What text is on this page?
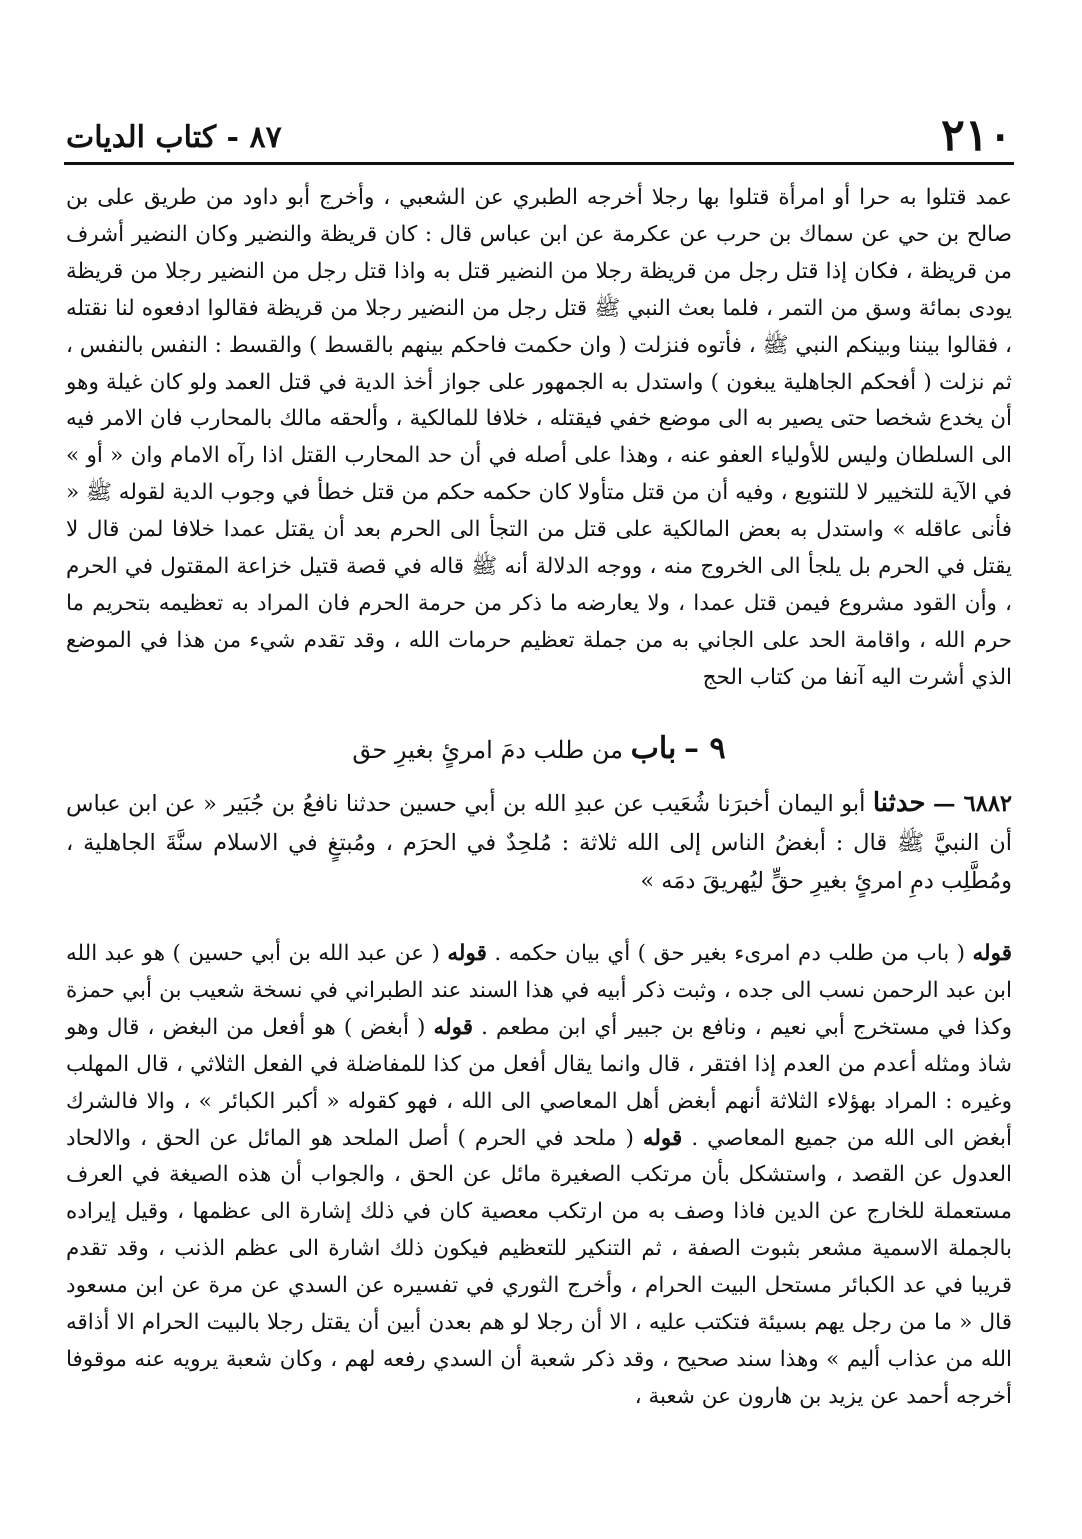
٢١٠
٨٧ - كتاب الديات

عمد قتلوا به حرا أو امرأة قتلوا بها رجلا أخرجه الطبري عن الشعبي ، وأخرج أبو داود من طريق على بن صالح بن حي عن سماك بن حرب عن عكرمة عن ابن عباس قال : كان قريظة والنضير وكان النضير أشرف من قريظة ، فكان إذا قتل رجل من قريظة رجلا من النضير قتل به واذا قتل رجل من النضير رجلا من قريظة يودى بمائة وسق من التمر ، فلما بعث النبي ﷺ قتل رجل من النضير رجلا من قريظة فقالوا ادفعوه لنا نقتله ، فقالوا بيننا وبينكم النبي ﷺ ، فأتوه فنزلت ( وان حكمت فاحكم بينهم بالقسط ) والقسط : النفس بالنفس ، ثم نزلت ( أفحكم الجاهلية يبغون ) واستدل به الجمهور على جواز أخذ الدية في قتل العمد ولو كان غيلة وهو أن يخدع شخصا حتى يصير به الى موضع خفي فيقتله ، خلافا للمالكية ، وألحقه مالك بالمحارب فان الامر فيه الى السلطان وليس للأولياء العفو عنه ، وهذا على أصله في أن حد المحارب القتل اذا رآه الامام وان « أو » في الآية للتخيير لا للتنويع ، وفيه أن من قتل متأولا كان حكمه حكم من قتل خطأ في وجوب الدية لقوله ﷺ « فأنى عاقله » واستدل به بعض المالكية على قتل من التجأ الى الحرم بعد أن يقتل عمدا خلافا لمن قال لا يقتل في الحرم بل يلجأ الى الخروج منه ، ووجه الدلالة أنه ﷺ قاله في قصة قتيل خزاعة المقتول في الحرم ، وأن القود مشروع فيمن قتل عمدا ، ولا يعارضه ما ذكر من حرمة الحرم فان المراد به تعظيمه بتحريم ما حرم الله ، واقامة الحد على الجاني به من جملة تعظيم حرمات الله ، وقد تقدم شيء من هذا في الموضع الذي أشرت اليه آنفا من كتاب الحج

٩ – باب من طلب دمَ امرئٍ بغيرِ حق

٦٨٨٢ — حدثنا أبو اليمان أخبرَنا شُعَيب عن عبدِ الله بن أبي حسين حدثنا نافعُ بن جُبَير « عن ابن عباس أن النبيَّ ﷺ قال : أبغضُ الناس إلى الله ثلاثة : مُلحِدٌ في الحرَم ، ومُبتغٍ في الاسلام سنَّةَ الجاهلية ، ومُطَّلِب دمِ امرئٍ بغيرِ حقٍّ ليُهريقَ دمَه »

قوله ( باب من طلب دم امرىء بغير حق ) أي بيان حكمه . قوله ( عن عبد الله بن أبي حسين ) هو عبد الله ابن عبد الرحمن نسب الى جده ، وثبت ذكر أبيه في هذا السند عند الطبراني في نسخة شعيب بن أبي حمزة وكذا في مستخرج أبي نعيم ، ونافع بن جبير أي ابن مطعم . قوله ( أبغض ) هو أفعل من البغض ، قال وهو شاذ ومثله أعدم من العدم إذا افتقر ، قال وانما يقال أفعل من كذا للمفاضلة في الفعل الثلاثي ، قال المهلب وغيره : المراد بهؤلاء الثلاثة أنهم أبغض أهل المعاصي الى الله ، فهو كقوله « أكبر الكبائر » ، والا فالشرك أبغض الى الله من جميع المعاصي . قوله ( ملحد في الحرم ) أصل الملحد هو المائل عن الحق ، والالحاد العدول عن القصد ، واستشكل بأن مرتكب الصغيرة مائل عن الحق ، والجواب أن هذه الصيغة في العرف مستعملة للخارج عن الدين فاذا وصف به من ارتكب معصية كان في ذلك إشارة الى عظمها ، وقيل إيراده بالجملة الاسمية مشعر بثبوت الصفة ، ثم التنكير للتعظيم فيكون ذلك اشارة الى عظم الذنب ، وقد تقدم قريبا في عد الكبائر مستحل البيت الحرام ، وأخرج الثوري في تفسيره عن السدي عن مرة عن ابن مسعود قال « ما من رجل يهم بسيئة فتكتب عليه ، الا أن رجلا لو هم بعدن أبين أن يقتل رجلا بالبيت الحرام الا أذاقه الله من عذاب أليم » وهذا سند صحيح ، وقد ذكر شعبة أن السدي رفعه لهم ، وكان شعبة يرويه عنه موقوفا أخرجه أحمد عن يزيد بن هارون عن شعبة ،
